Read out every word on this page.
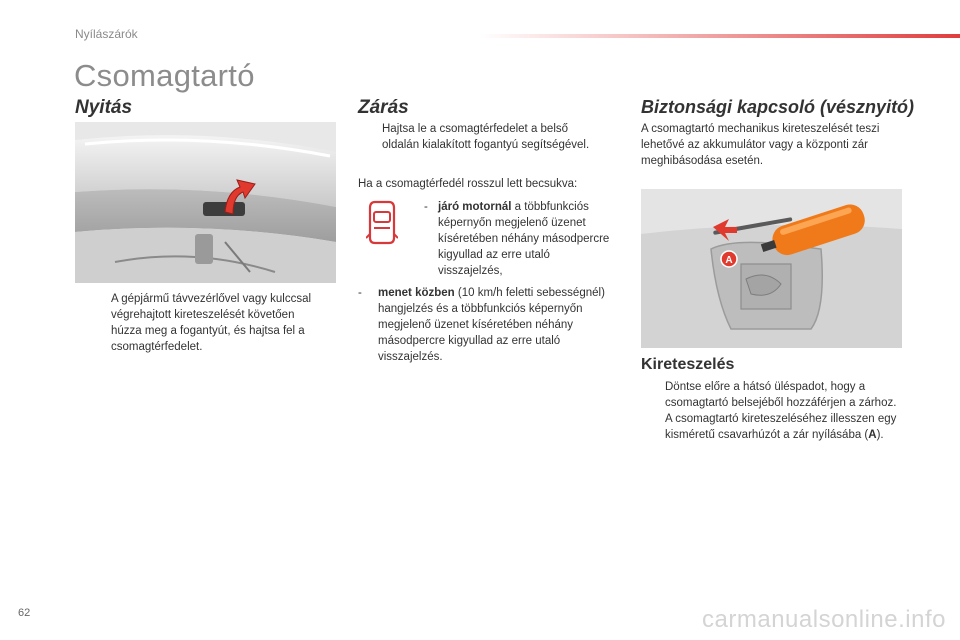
Nyílászárók
Csomagtartó
Nyitás
A gépjármű távvezérlővel vagy kulccsal végrehajtott kireteszelését követően húzza meg a fogantyút, és hajtsa fel a csomagtérfedelet.
Zárás
Hajtsa le a csomagtérfedelet a belső oldalán kialakított fogantyú segítségével.
Ha a csomagtérfedél rosszul lett becsukva:
- járó motornál a többfunkciós képernyőn megjelenő üzenet kíséretében néhány másodpercre kigyullad az erre utaló visszajelzés,
-	menet közben (10 km/h feletti sebességnél) hangjelzés és a többfunkciós képernyőn megjelenő üzenet kíséretében néhány másodpercre kigyullad az erre utaló visszajelzés.
Biztonsági kapcsoló (vésznyitó)
A csomagtartó mechanikus kireteszelését teszi lehetővé az akkumulátor vagy a központi zár meghibásodása esetén.
A
Kireteszelés
Döntse előre a hátsó üléspadot, hogy a csomagtartó belsejéből hozzáférjen a zárhoz.
A csomagtartó kireteszeléséhez illesszen egy kisméretű csavarhúzót a zár nyílásába (A).
62	carmanualsonline.info
